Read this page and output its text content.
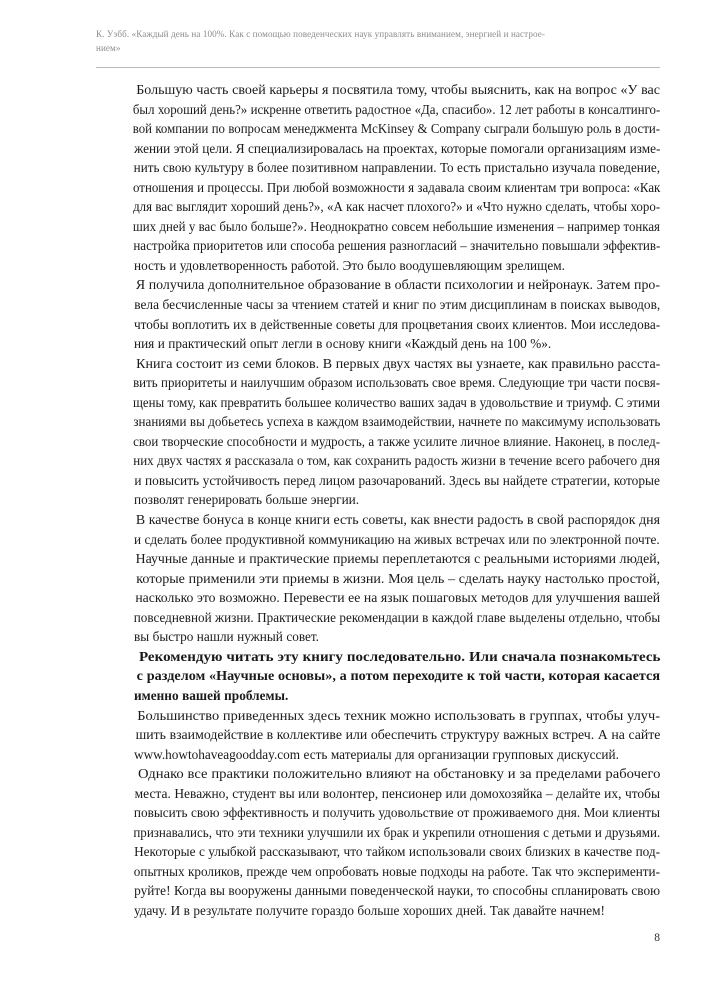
К. Уэбб. «Каждый день на 100%. Как с помощью поведенческих наук управлять вниманием, энергией и настрое-
нием»

Большую часть своей карьеры я посвятила тому, чтобы выяснить, как на вопрос «У вас
был хороший день?» искренне ответить радостное «Да, спасибо». 12 лет работы в консалтинго-
вой компании по вопросам менеджмента McKinsey & Company сыграли большую роль в дости-
жении этой цели. Я специализировалась на проектах, которые помогали организациям изме-
нить свою культуру в более позитивном направлении. То есть пристально изучала поведение,
отношения и процессы. При любой возможности я задавала своим клиентам три вопроса: «Как
для вас выглядит хороший день?», «А как насчет плохого?» и «Что нужно сделать, чтобы хоро-
ших дней у вас было больше?». Неоднократно совсем небольшие изменения – например тонкая
настройка приоритетов или способа решения разногласий – значительно повышали эффектив-
ность и удовлетворенность работой. Это было воодушевляющим зрелищем.

Я получила дополнительное образование в области психологии и нейронаук. Затем про-
вела бесчисленные часы за чтением статей и книг по этим дисциплинам в поисках выводов,
чтобы воплотить их в действенные советы для процветания своих клиентов. Мои исследова-
ния и практический опыт легли в основу книги «Каждый день на 100 %».

Книга состоит из семи блоков. В первых двух частях вы узнаете, как правильно расста-
вить приоритеты и наилучшим образом использовать свое время. Следующие три части посвя-
щены тому, как превратить большее количество ваших задач в удовольствие и триумф. С этими
знаниями вы добьетесь успеха в каждом взаимодействии, начнете по максимуму использовать
свои творческие способности и мудрость, а также усилите личное влияние. Наконец, в послед-
них двух частях я рассказала о том, как сохранить радость жизни в течение всего рабочего дня
и повысить устойчивость перед лицом разочарований. Здесь вы найдете стратегии, которые
позволят генерировать больше энергии.

В качестве бонуса в конце книги есть советы, как внести радость в свой распорядок дня
и сделать более продуктивной коммуникацию на живых встречах или по электронной почте.

Научные данные и практические приемы переплетаются с реальными историями людей,
которые применили эти приемы в жизни. Моя цель – сделать науку настолько простой,
насколько это возможно. Перевести ее на язык пошаговых методов для улучшения вашей
повседневной жизни. Практические рекомендации в каждой главе выделены отдельно, чтобы
вы быстро нашли нужный совет.

Рекомендую читать эту книгу последовательно. Или сначала познакомьтесь
с разделом «Научные основы», а потом переходите к той части, которая касается
именно вашей проблемы.

Большинство приведенных здесь техник можно использовать в группах, чтобы улуч-
шить взаимодействие в коллективе или обеспечить структуру важных встреч. А на сайте
www.howtohaveagoodday.com есть материалы для организации групповых дискуссий.

Однако все практики положительно влияют на обстановку и за пределами рабочего
места. Неважно, студент вы или волонтер, пенсионер или домохозяйка – делайте их, чтобы
повысить свою эффективность и получить удовольствие от проживаемого дня. Мои клиенты
признавались, что эти техники улучшили их брак и укрепили отношения с детьми и друзьями.
Некоторые с улыбкой рассказывают, что тайком использовали своих близких в качестве под-
опытных кроликов, прежде чем опробовать новые подходы на работе. Так что эксперименти-
руйте! Когда вы вооружены данными поведенческой науки, то способны спланировать свою
удачу. И в результате получите гораздо больше хороших дней. Так давайте начнем!

8
